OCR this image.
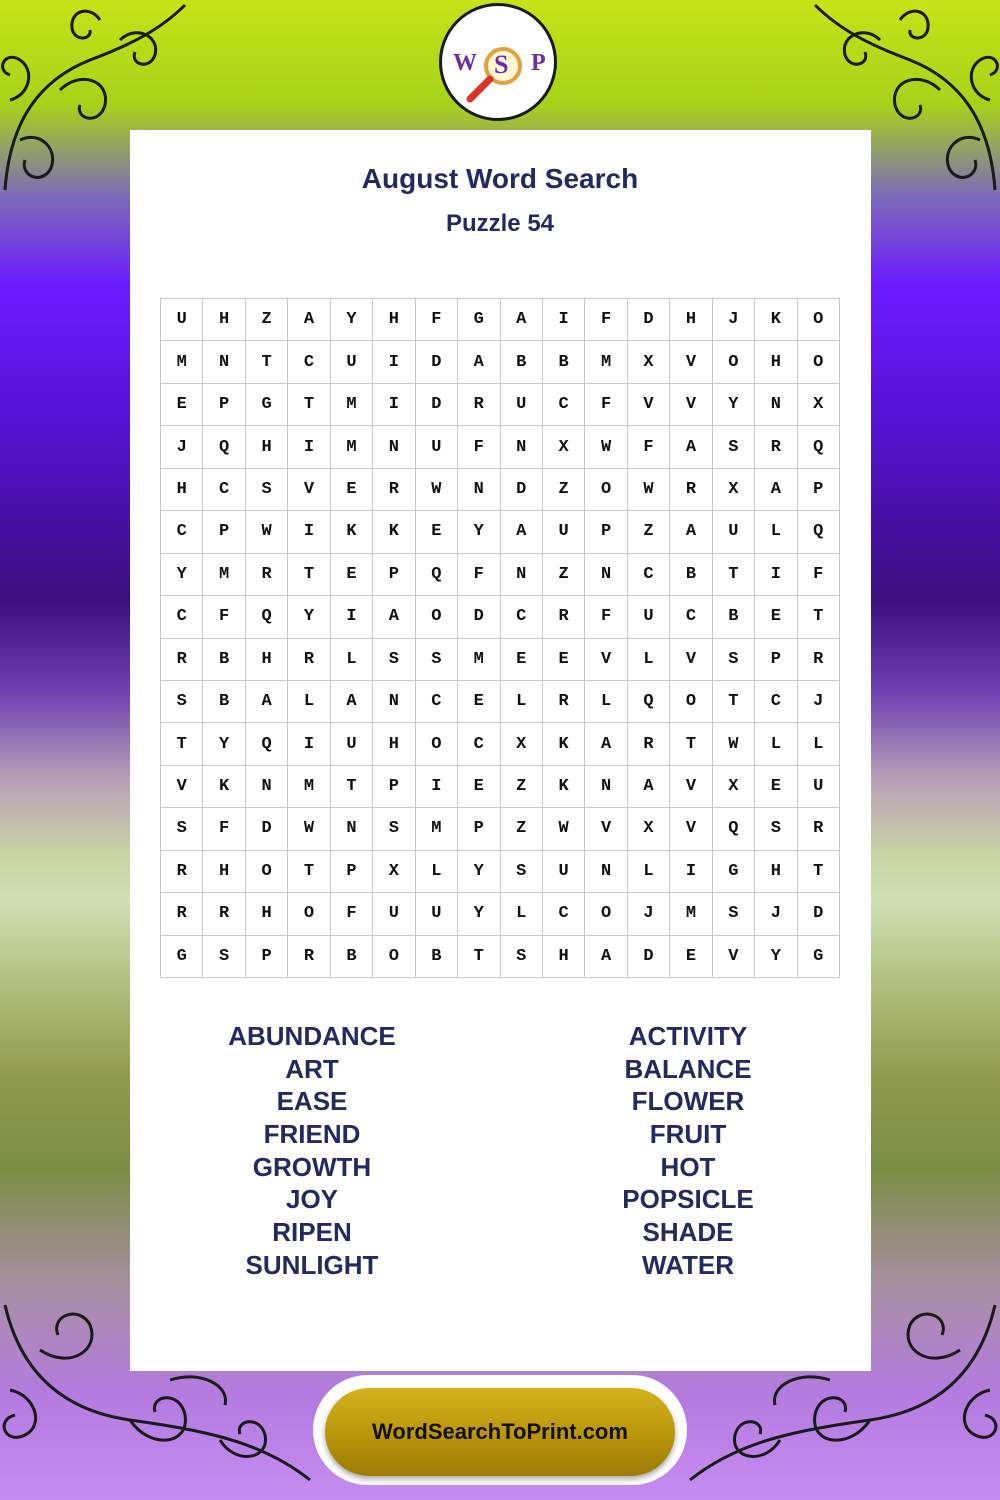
W S P
August Word Search
Puzzle 54
U	H	Z	A	Y	H	F	G	A	I	F	D	H	J	K	O
M	N	T	C	U	I	D	A	B	B	M	X	V	O	H	O
E	P	G	T	M	I	D	R	U	C	F	V	V	Y	N	X
J	Q	H	I	M	N	U	F	N	X	W	F	A	S	R	Q
H	C	S	V	E	R	W	N	D	Z	O	W	R	X	A	P
C	P	W	I	K	K	E	Y	A	U	P	Z	A	U	L	Q
Y	M	R	T	E	P	Q	F	N	Z	N	C	B	T	I	F
C	F	Q	Y	I	A	O	D	C	R	F	U	C	B	E	T
R	B	H	R	L	S	S	M	E	E	V	L	V	S	P	R
S	B	A	L	A	N	C	E	L	R	L	Q	O	T	C	J
T	Y	Q	I	U	H	O	C	X	K	A	R	T	W	L	L
V	K	N	M	T	P	I	E	Z	K	N	A	V	X	E	U
S	F	D	W	N	S	M	P	Z	W	V	X	V	Q	S	R
R	H	O	T	P	X	L	Y	S	U	N	L	I	G	H	T
R	R	H	O	F	U	U	Y	L	C	O	J	M	S	J	D
G	S	P	R	B	O	B	T	S	H	A	D	E	V	Y	G
ABUNDANCE
ART
EASE
FRIEND
GROWTH
JOY
RIPEN
SUNLIGHT
ACTIVITY
BALANCE
FLOWER
FRUIT
HOT
POPSICLE
SHADE
WATER
WordSearchToPrint.com
